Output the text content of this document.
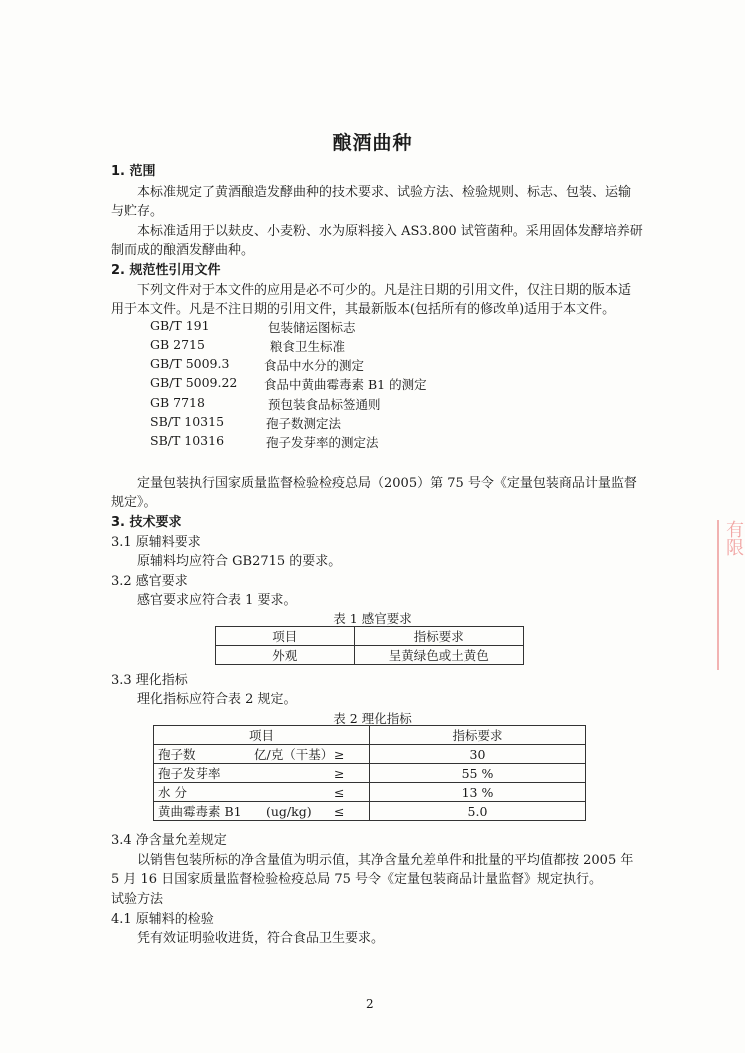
酿酒曲种
1. 范围
本标准规定了黄酒酿造发酵曲种的技术要求、试验方法、检验规则、标志、包装、运输
与贮存。
本标准适用于以麸皮、小麦粉、水为原料接入 AS3.800 试管菌种。采用固体发酵培养研
制而成的酿酒发酵曲种。
2. 规范性引用文件
下列文件对于本文件的应用是必不可少的。凡是注日期的引用文件，仅注日期的版本适
用于本文件。凡是不注日期的引用文件，其最新版本(包括所有的修改单)适用于本文件。
GB/T 191	包装储运图标志
GB 2715	粮食卫生标准
GB/T 5009.3	食品中水分的测定
GB/T 5009.22 食品中黄曲霉毒素 B1 的测定
GB 7718	预包装食品标签通则
SB/T 10315	孢子数测定法
SB/T 10316	孢子发芽率的测定法
定量包装执行国家质量监督检验检疫总局（2005）第 75 号令《定量包装商品计量监督
规定》。
3. 技术要求
3.1 原辅料要求
原辅料均应符合 GB2715 的要求。
3.2 感官要求
感官要求应符合表 1 要求。
表 1 感官要求
项目	指标要求
外观	呈黄绿色或土黄色
3.3 理化指标
理化指标应符合表 2 规定。
表 2 理化指标
项目	指标要求
孢子数 亿/克（干基）≥	30
孢子发芽率 ≥	55 %
水 分 ≤	13 %
黄曲霉毒素 B1 (ug/kg) ≤	5.0
3.4 净含量允差规定
以销售包装所标的净含量值为明示值，其净含量允差单件和批量的平均值都按 2005 年
5 月 16 日国家质量监督检验检疫总局 75 号令《定量包装商品计量监督》规定执行。
试验方法
4.1 原辅料的检验
凭有效证明验收进货，符合食品卫生要求。
有限
2
